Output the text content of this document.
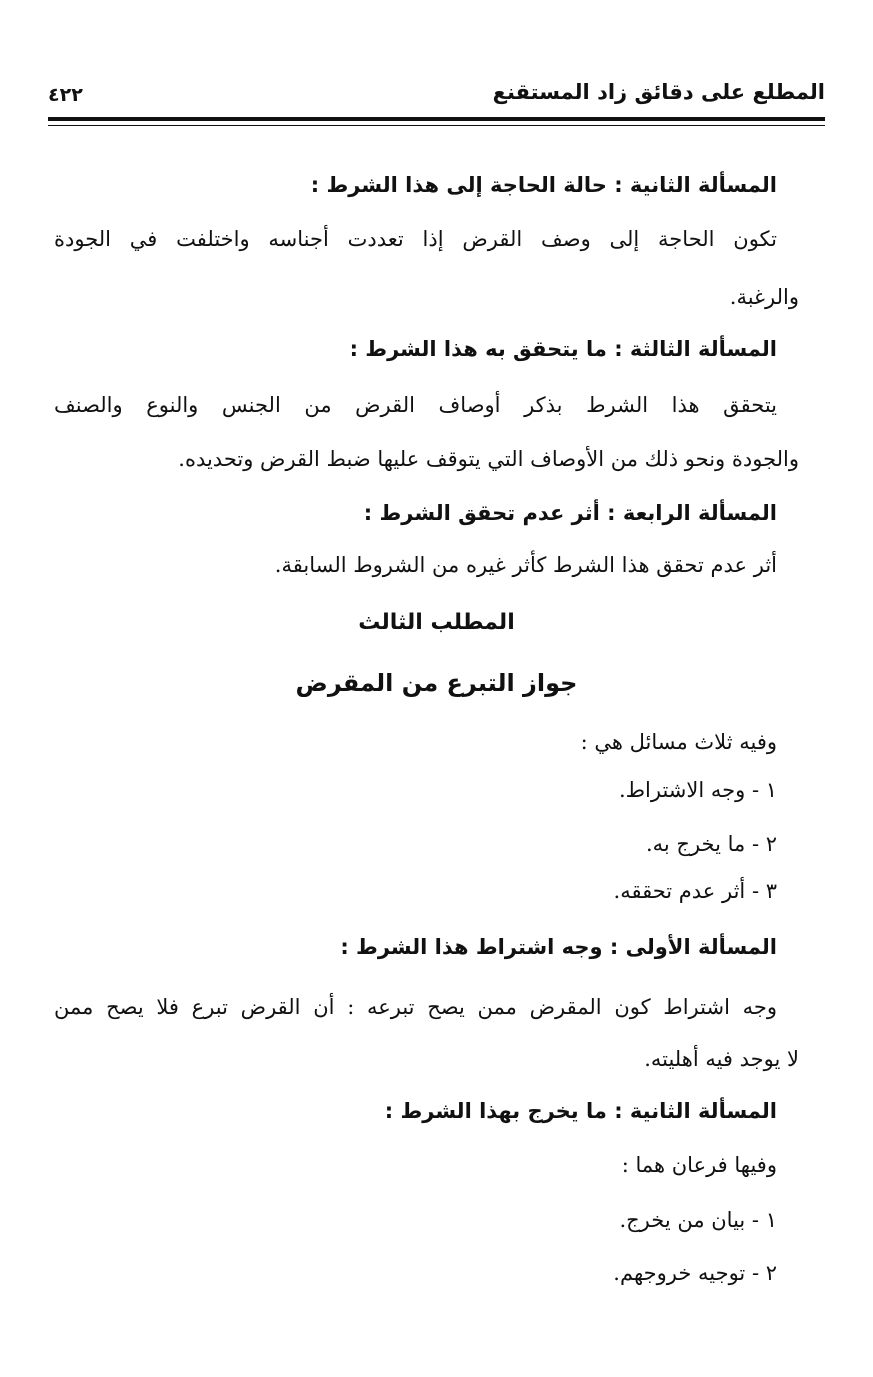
المطلع على دقائق زاد المستقنع
٤٢٢
المسألة الثانية : حالة الحاجة إلى هذا الشرط :
تكون الحاجة إلى وصف القرض إذا تعددت أجناسه واختلفت في الجودة
والرغبة.
المسألة الثالثة : ما يتحقق به هذا الشرط :
يتحقق هذا الشرط بذكر أوصاف القرض من الجنس والنوع والصنف
والجودة ونحو ذلك من الأوصاف التي يتوقف عليها ضبط القرض وتحديده.
المسألة الرابعة : أثر عدم تحقق الشرط :
أثر عدم تحقق هذا الشرط كأثر غيره من الشروط السابقة.
المطلب الثالث
جواز التبرع من المقرض
وفيه ثلاث مسائل هي :
١ - وجه الاشتراط.
٢ - ما يخرج به.
٣ - أثر عدم تحققه.
المسألة الأولى : وجه اشتراط هذا الشرط :
وجه اشتراط كون المقرض ممن يصح تبرعه : أن القرض تبرع فلا يصح ممن
لا يوجد فيه أهليته.
المسألة الثانية : ما يخرج بهذا الشرط :
وفيها فرعان هما :
١ - بيان من يخرج.
٢ - توجيه خروجهم.
